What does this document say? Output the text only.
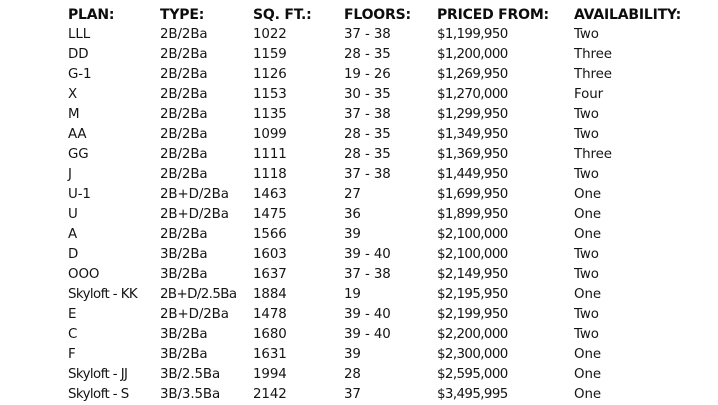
PLAN:	TYPE:	SQ. FT.:	FLOORS:	PRICED FROM:	AVAILABILITY:
LLL	2B/2Ba	1022	37 - 38	$1,199,950	Two
DD	2B/2Ba	1159	28 - 35	$1,200,000	Three
G-1	2B/2Ba	1126	19 - 26	$1,269,950	Three
X	2B/2Ba	1153	30 - 35	$1,270,000	Four
M	2B/2Ba	1135	37 - 38	$1,299,950	Two
AA	2B/2Ba	1099	28 - 35	$1,349,950	Two
GG	2B/2Ba	1111	28 - 35	$1,369,950	Three
J	2B/2Ba	1118	37 - 38	$1,449,950	Two
U-1	2B+D/2Ba	1463	27	$1,699,950	One
U	2B+D/2Ba	1475	36	$1,899,950	One
A	2B/2Ba	1566	39	$2,100,000	One
D	3B/2Ba	1603	39 - 40	$2,100,000	Two
OOO	3B/2Ba	1637	37 - 38	$2,149,950	Two
Skyloft - KK	2B+D/2.5Ba	1884	19	$2,195,950	One
E	2B+D/2Ba	1478	39 - 40	$2,199,950	Two
C	3B/2Ba	1680	39 - 40	$2,200,000	Two
F	3B/2Ba	1631	39	$2,300,000	One
Skyloft - JJ	3B/2.5Ba	1994	28	$2,595,000	One
Skyloft - S	3B/3.5Ba	2142	37	$3,495,995	One
